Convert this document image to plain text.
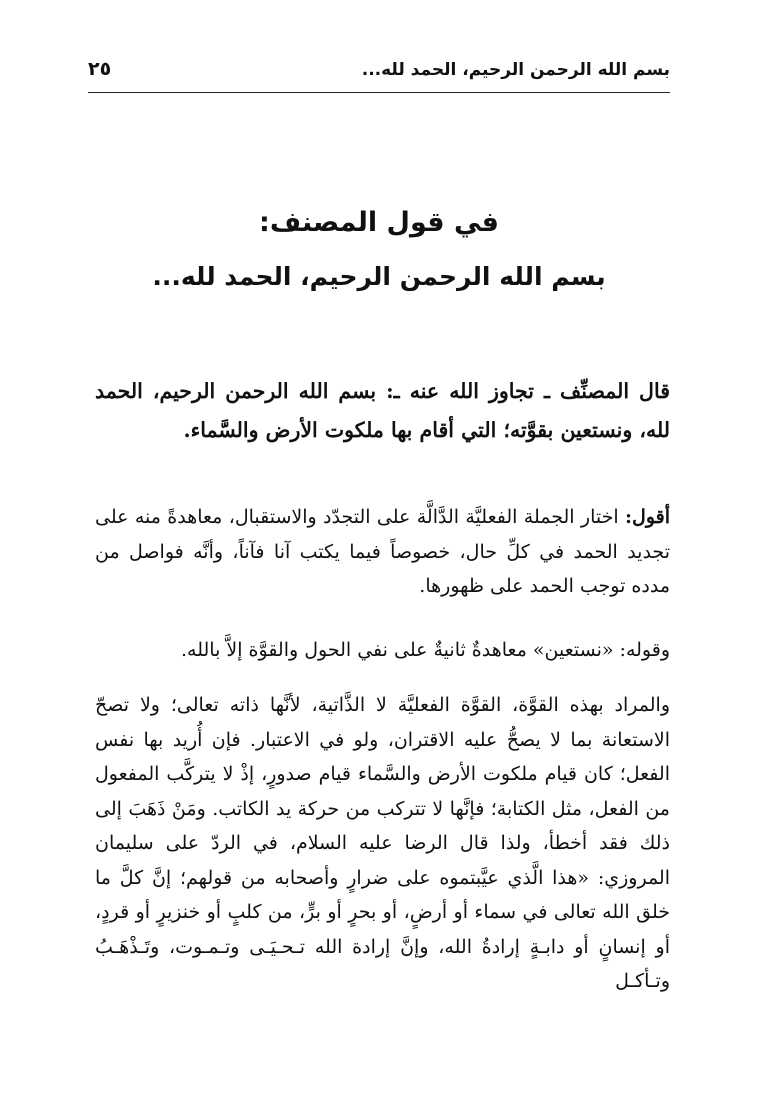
بسم الله الرحمن الرحيم، الحمد لله...
٢٥
في قول المصنف:
بسم الله الرحمن الرحيم، الحمد لله...

قال المصنِّف ـ تجاوز الله عنه ـ: بسم الله الرحمن الرحيم، الحمد لله، ونستعين بقوَّته؛ التي أقام بها ملكوت الأرض والسَّماء.

أقول: اختار الجملة الفعليَّة الدَّالَّة على التجدّد والاستقبال، معاهدةً منه على تجديد الحمد في كلِّ حال، خصوصاً فيما يكتب آنا فآناً، وأنَّه فواصل من مدده توجب الحمد على ظهورها.

وقوله: «نستعين» معاهدةٌ ثانيةٌ على نفي الحول والقوَّة إلاَّ بالله.

والمراد بهذه القوَّة، القوَّة الفعليَّة لا الذَّاتية، لأنَّها ذاته تعالى؛ ولا تصحّ الاستعانة بما لا يصحُّ عليه الاقتران، ولو في الاعتبار. فإن أُريد بها نفس الفعل؛ كان قيام ملكوت الأرض والسَّماء قيام صدورٍ، إذْ لا يتركَّب المفعول من الفعل، مثل الكتابة؛ فإنَّها لا تتركب من حركة يد الكاتب. ومَنْ ذَهَبَ إلى ذلك فقد أخطأ، ولذا قال الرضا عليه السلام، في الردّ على سليمان المروزي: «هذا الَّذي عيَّبتموه على ضرارٍ وأصحابه من قولهم؛ إنَّ كلَّ ما خلق الله تعالى في سماء أو أرضٍ، أو بحرٍ أو برٍّ، من كلبٍ أو خنزيرٍ أو قردٍ، أو إنسانٍ أو دابـةٍ إرادةُ الله، وإنَّ إرادة الله تـحـيَـى وتـمـوت، وتَـذْهَـبُ وتـأكـل
